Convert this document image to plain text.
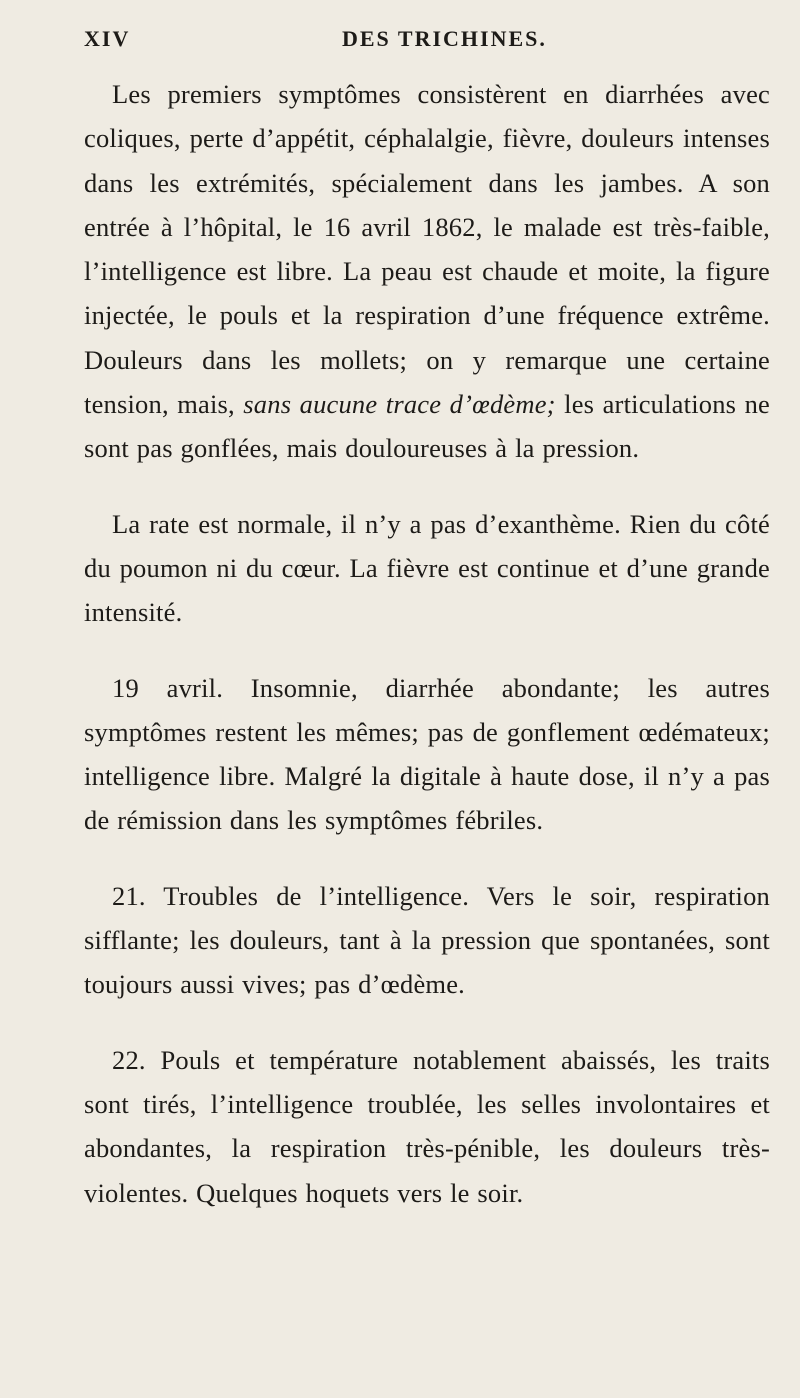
XIV	DES TRICHINES.

Les premiers symptômes consistèrent en diarrhées avec coliques, perte d’appétit, céphalalgie, fièvre, douleurs intenses dans les extrémités, spécialement dans les jambes. A son entrée à l’hôpital, le 16 avril 1862, le malade est très-faible, l’intelligence est libre. La peau est chaude et moite, la figure injectée, le pouls et la respiration d’une fréquence extrême. Douleurs dans les mollets; on y remarque une certaine tension, mais, sans aucune trace d’œdème; les articulations ne sont pas gonflées, mais douloureuses à la pression.

La rate est normale, il n’y a pas d’exanthème. Rien du côté du poumon ni du cœur. La fièvre est continue et d’une grande intensité.

19 avril. Insomnie, diarrhée abondante; les autres symptômes restent les mêmes; pas de gonflement œdémateux; intelligence libre. Malgré la digitale à haute dose, il n’y a pas de rémission dans les symptômes fébriles.

21. Troubles de l’intelligence. Vers le soir, respiration sifflante; les douleurs, tant à la pression que spontanées, sont toujours aussi vives; pas d’œdème.

22. Pouls et température notablement abaissés, les traits sont tirés, l’intelligence troublée, les selles involontaires et abondantes, la respiration très-pénible, les douleurs très-violentes. Quelques hoquets vers le soir.
